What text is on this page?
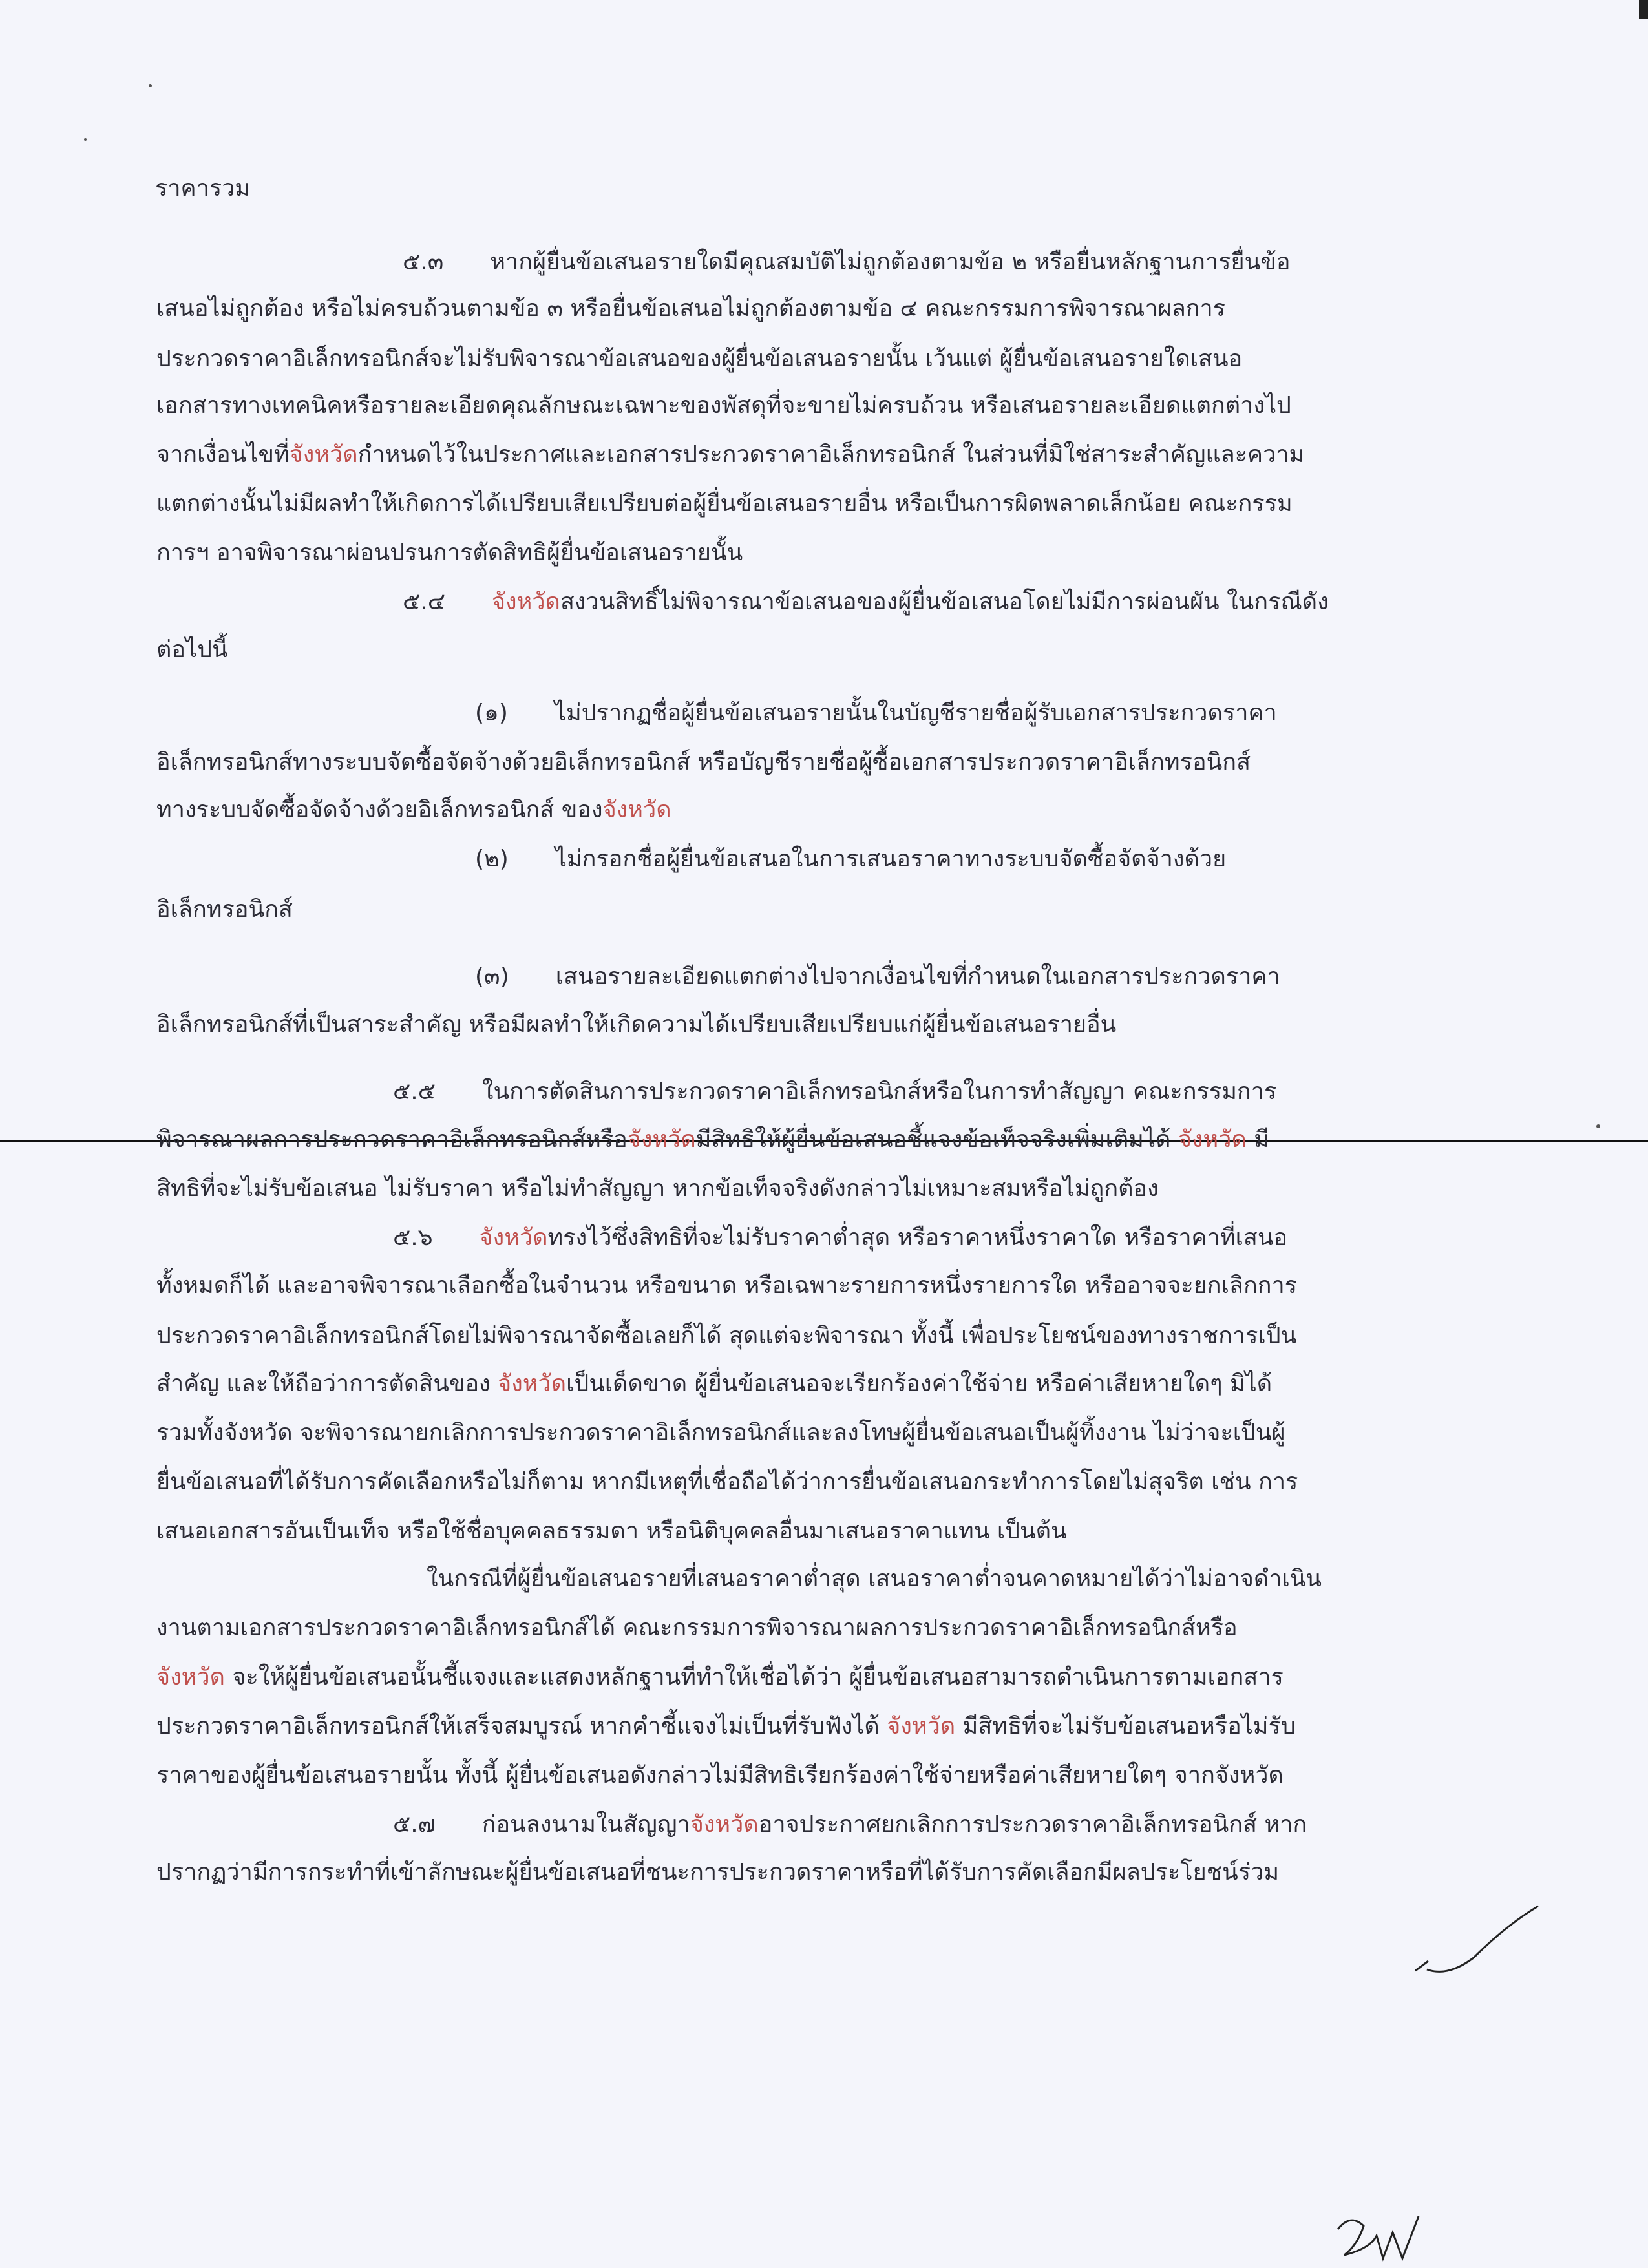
ราคารวม
๕.๓  หากผู้ยื่นข้อเสนอรายใดมีคุณสมบัติไม่ถูกต้องตามข้อ ๒ หรือยื่นหลักฐานการยื่นข้อ
เสนอไม่ถูกต้อง หรือไม่ครบถ้วนตามข้อ ๓ หรือยื่นข้อเสนอไม่ถูกต้องตามข้อ ๔ คณะกรรมการพิจารณาผลการ
ประกวดราคาอิเล็กทรอนิกส์จะไม่รับพิจารณาข้อเสนอของผู้ยื่นข้อเสนอรายนั้น เว้นแต่ ผู้ยื่นข้อเสนอรายใดเสนอ
เอกสารทางเทคนิคหรือรายละเอียดคุณลักษณะเฉพาะของพัสดุที่จะขายไม่ครบถ้วน หรือเสนอรายละเอียดแตกต่างไป
จากเงื่อนไขที่จังหวัดกำหนดไว้ในประกาศและเอกสารประกวดราคาอิเล็กทรอนิกส์ ในส่วนที่มิใช่สาระสำคัญและความ
แตกต่างนั้นไม่มีผลทำให้เกิดการได้เปรียบเสียเปรียบต่อผู้ยื่นข้อเสนอรายอื่น หรือเป็นการผิดพลาดเล็กน้อย คณะกรรม
การฯ อาจพิจารณาผ่อนปรนการตัดสิทธิผู้ยื่นข้อเสนอรายนั้น
๕.๔  จังหวัดสงวนสิทธิ์ไม่พิจารณาข้อเสนอของผู้ยื่นข้อเสนอโดยไม่มีการผ่อนผัน ในกรณีดัง
ต่อไปนี้
(๑)  ไม่ปรากฏชื่อผู้ยื่นข้อเสนอรายนั้นในบัญชีรายชื่อผู้รับเอกสารประกวดราคา
อิเล็กทรอนิกส์ทางระบบจัดซื้อจัดจ้างด้วยอิเล็กทรอนิกส์ หรือบัญชีรายชื่อผู้ซื้อเอกสารประกวดราคาอิเล็กทรอนิกส์
ทางระบบจัดซื้อจัดจ้างด้วยอิเล็กทรอนิกส์ ของจังหวัด
(๒)  ไม่กรอกชื่อผู้ยื่นข้อเสนอในการเสนอราคาทางระบบจัดซื้อจัดจ้างด้วย
อิเล็กทรอนิกส์
(๓)  เสนอรายละเอียดแตกต่างไปจากเงื่อนไขที่กำหนดในเอกสารประกวดราคา
อิเล็กทรอนิกส์ที่เป็นสาระสำคัญ หรือมีผลทำให้เกิดความได้เปรียบเสียเปรียบแก่ผู้ยื่นข้อเสนอรายอื่น
๕.๕  ในการตัดสินการประกวดราคาอิเล็กทรอนิกส์หรือในการทำสัญญา คณะกรรมการ
พิจารณาผลการประกวดราคาอิเล็กทรอนิกส์หรือจังหวัดมีสิทธิให้ผู้ยื่นข้อเสนอชี้แจงข้อเท็จจริงเพิ่มเติมได้ จังหวัด มี
สิทธิที่จะไม่รับข้อเสนอ ไม่รับราคา หรือไม่ทำสัญญา หากข้อเท็จจริงดังกล่าวไม่เหมาะสมหรือไม่ถูกต้อง
๕.๖  จังหวัดทรงไว้ซึ่งสิทธิที่จะไม่รับราคาต่ำสุด หรือราคาหนึ่งราคาใด หรือราคาที่เสนอ
ทั้งหมดก็ได้ และอาจพิจารณาเลือกซื้อในจำนวน หรือขนาด หรือเฉพาะรายการหนึ่งรายการใด หรืออาจจะยกเลิกการ
ประกวดราคาอิเล็กทรอนิกส์โดยไม่พิจารณาจัดซื้อเลยก็ได้ สุดแต่จะพิจารณา ทั้งนี้ เพื่อประโยชน์ของทางราชการเป็น
สำคัญ และให้ถือว่าการตัดสินของ จังหวัดเป็นเด็ดขาด ผู้ยื่นข้อเสนอจะเรียกร้องค่าใช้จ่าย หรือค่าเสียหายใดๆ มิได้
รวมทั้งจังหวัด จะพิจารณายกเลิกการประกวดราคาอิเล็กทรอนิกส์และลงโทษผู้ยื่นข้อเสนอเป็นผู้ทิ้งงาน ไม่ว่าจะเป็นผู้
ยื่นข้อเสนอที่ได้รับการคัดเลือกหรือไม่ก็ตาม หากมีเหตุที่เชื่อถือได้ว่าการยื่นข้อเสนอกระทำการโดยไม่สุจริต เช่น การ
เสนอเอกสารอันเป็นเท็จ หรือใช้ชื่อบุคคลธรรมดา หรือนิติบุคคลอื่นมาเสนอราคาแทน เป็นต้น
ในกรณีที่ผู้ยื่นข้อเสนอรายที่เสนอราคาต่ำสุด เสนอราคาต่ำจนคาดหมายได้ว่าไม่อาจดำเนิน
งานตามเอกสารประกวดราคาอิเล็กทรอนิกส์ได้ คณะกรรมการพิจารณาผลการประกวดราคาอิเล็กทรอนิกส์หรือ
จังหวัด จะให้ผู้ยื่นข้อเสนอนั้นชี้แจงและแสดงหลักฐานที่ทำให้เชื่อได้ว่า ผู้ยื่นข้อเสนอสามารถดำเนินการตามเอกสาร
ประกวดราคาอิเล็กทรอนิกส์ให้เสร็จสมบูรณ์ หากคำชี้แจงไม่เป็นที่รับฟังได้ จังหวัด มีสิทธิที่จะไม่รับข้อเสนอหรือไม่รับ
ราคาของผู้ยื่นข้อเสนอรายนั้น ทั้งนี้ ผู้ยื่นข้อเสนอดังกล่าวไม่มีสิทธิเรียกร้องค่าใช้จ่ายหรือค่าเสียหายใดๆ จากจังหวัด
๕.๗  ก่อนลงนามในสัญญาจังหวัดอาจประกาศยกเลิกการประกวดราคาอิเล็กทรอนิกส์ หาก
ปรากฏว่ามีการกระทำที่เข้าลักษณะผู้ยื่นข้อเสนอที่ชนะการประกวดราคาหรือที่ได้รับการคัดเลือกมีผลประโยชน์ร่วม
